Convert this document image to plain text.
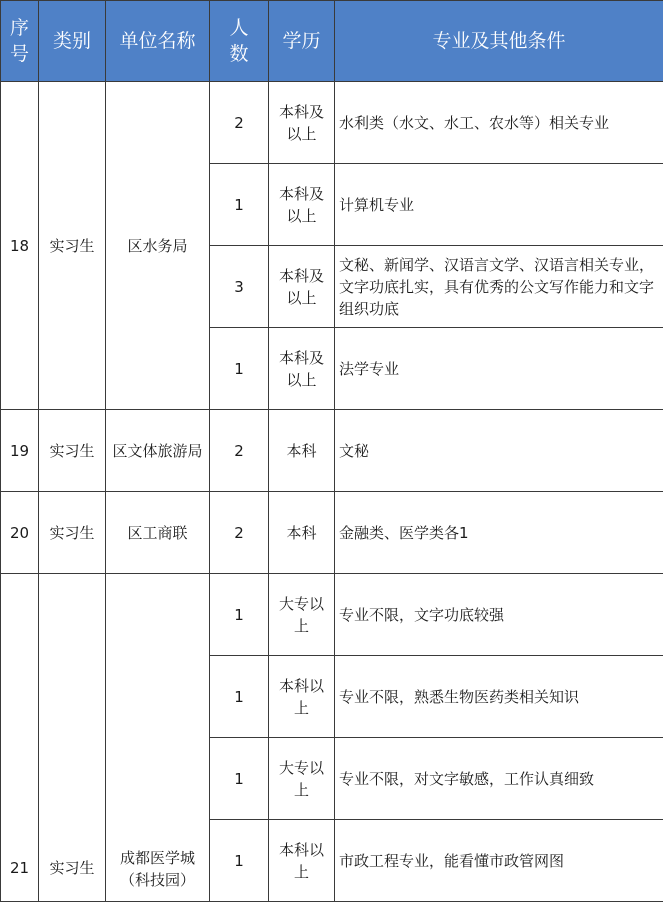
序号	类别	单位名称	人数	学历	专业及其他条件
18	实习生	区水务局	2	本科及以上	水利类（水文、水工、农水等）相关专业
			1	本科及以上	计算机专业
			3	本科及以上	文秘、新闻学、汉语言文学、汉语言相关专业，文字功底扎实，具有优秀的公文写作能力和文字组织功底
			1	本科及以上	法学专业
19	实习生	区文体旅游局	2	本科	文秘
20	实习生	区工商联	2	本科	金融类、医学类各1
21	实习生	成都医学城（科技园）	1	大专以上	专业不限，文字功底较强
			1	本科以上	专业不限，熟悉生物医药类相关知识
			1	大专以上	专业不限，对文字敏感，工作认真细致
			1	本科以上	市政工程专业，能看懂市政管网图
